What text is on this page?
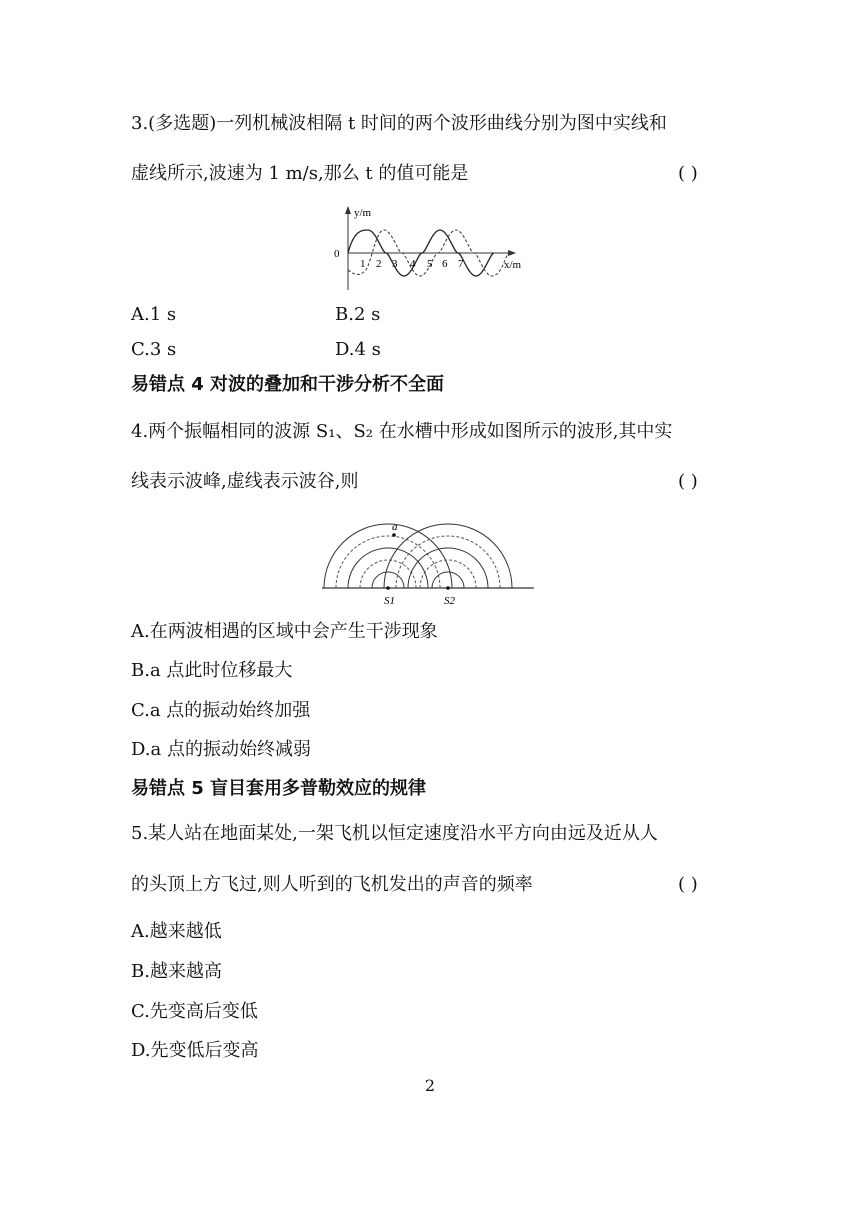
3.(多选题)一列机械波相隔 t 时间的两个波形曲线分别为图中实线和
虚线所示,波速为 1 m/s,那么 t 的值可能是	( )
y/m
x/m
0
1 2 3 4 5 6 7
A.1 s	B.2 s
C.3 s	D.4 s
易错点 4 对波的叠加和干涉分析不全面
4.两个振幅相同的波源 S₁、S₂ 在水槽中形成如图所示的波形,其中实
线表示波峰,虚线表示波谷,则	( )
a
S1	S2
A.在两波相遇的区域中会产生干涉现象
B.a 点此时位移最大
C.a 点的振动始终加强
D.a 点的振动始终减弱
易错点 5 盲目套用多普勒效应的规律
5.某人站在地面某处,一架飞机以恒定速度沿水平方向由远及近从人
的头顶上方飞过,则人听到的飞机发出的声音的频率	( )
A.越来越低
B.越来越高
C.先变高后变低
D.先变低后变高
2
